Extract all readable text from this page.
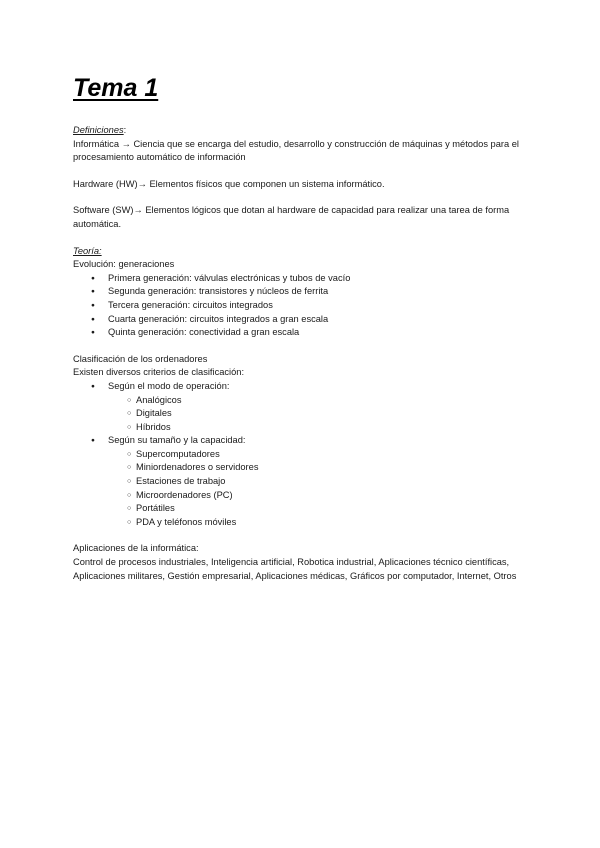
Tema 1

Definiciones:

Informática → Ciencia que se encarga del estudio, desarrollo y construcción de máquinas y métodos para el procesamiento automático de información

Hardware (HW)→ Elementos físicos que componen un sistema informático.

Software (SW)→ Elementos lógicos que dotan al hardware de capacidad para realizar una tarea de forma automática.

Teoría:

Evolución: generaciones

● Primera generación: válvulas electrónicas y tubos de vacío
● Segunda generación: transistores y núcleos de ferrita
● Tercera generación: circuitos integrados
● Cuarta generación: circuitos integrados a gran escala
● Quinta generación: conectividad a gran escala

Clasificación de los ordenadores

Existen diversos criterios de clasificación:

● Según el modo de operación:
○ Analógicos
○ Digitales
○ Híbridos
● Según su tamaño y la capacidad:
○ Supercomputadores
○ Miniordenadores o servidores
○ Estaciones de trabajo
○ Microordenadores (PC)
○ Portátiles
○ PDA y teléfonos móviles

Aplicaciones de la informática:

Control de procesos industriales, Inteligencia artificial, Robotica industrial, Aplicaciones técnico científicas, Aplicaciones militares, Gestión empresarial, Aplicaciones médicas, Gráficos por computador, Internet, Otros
